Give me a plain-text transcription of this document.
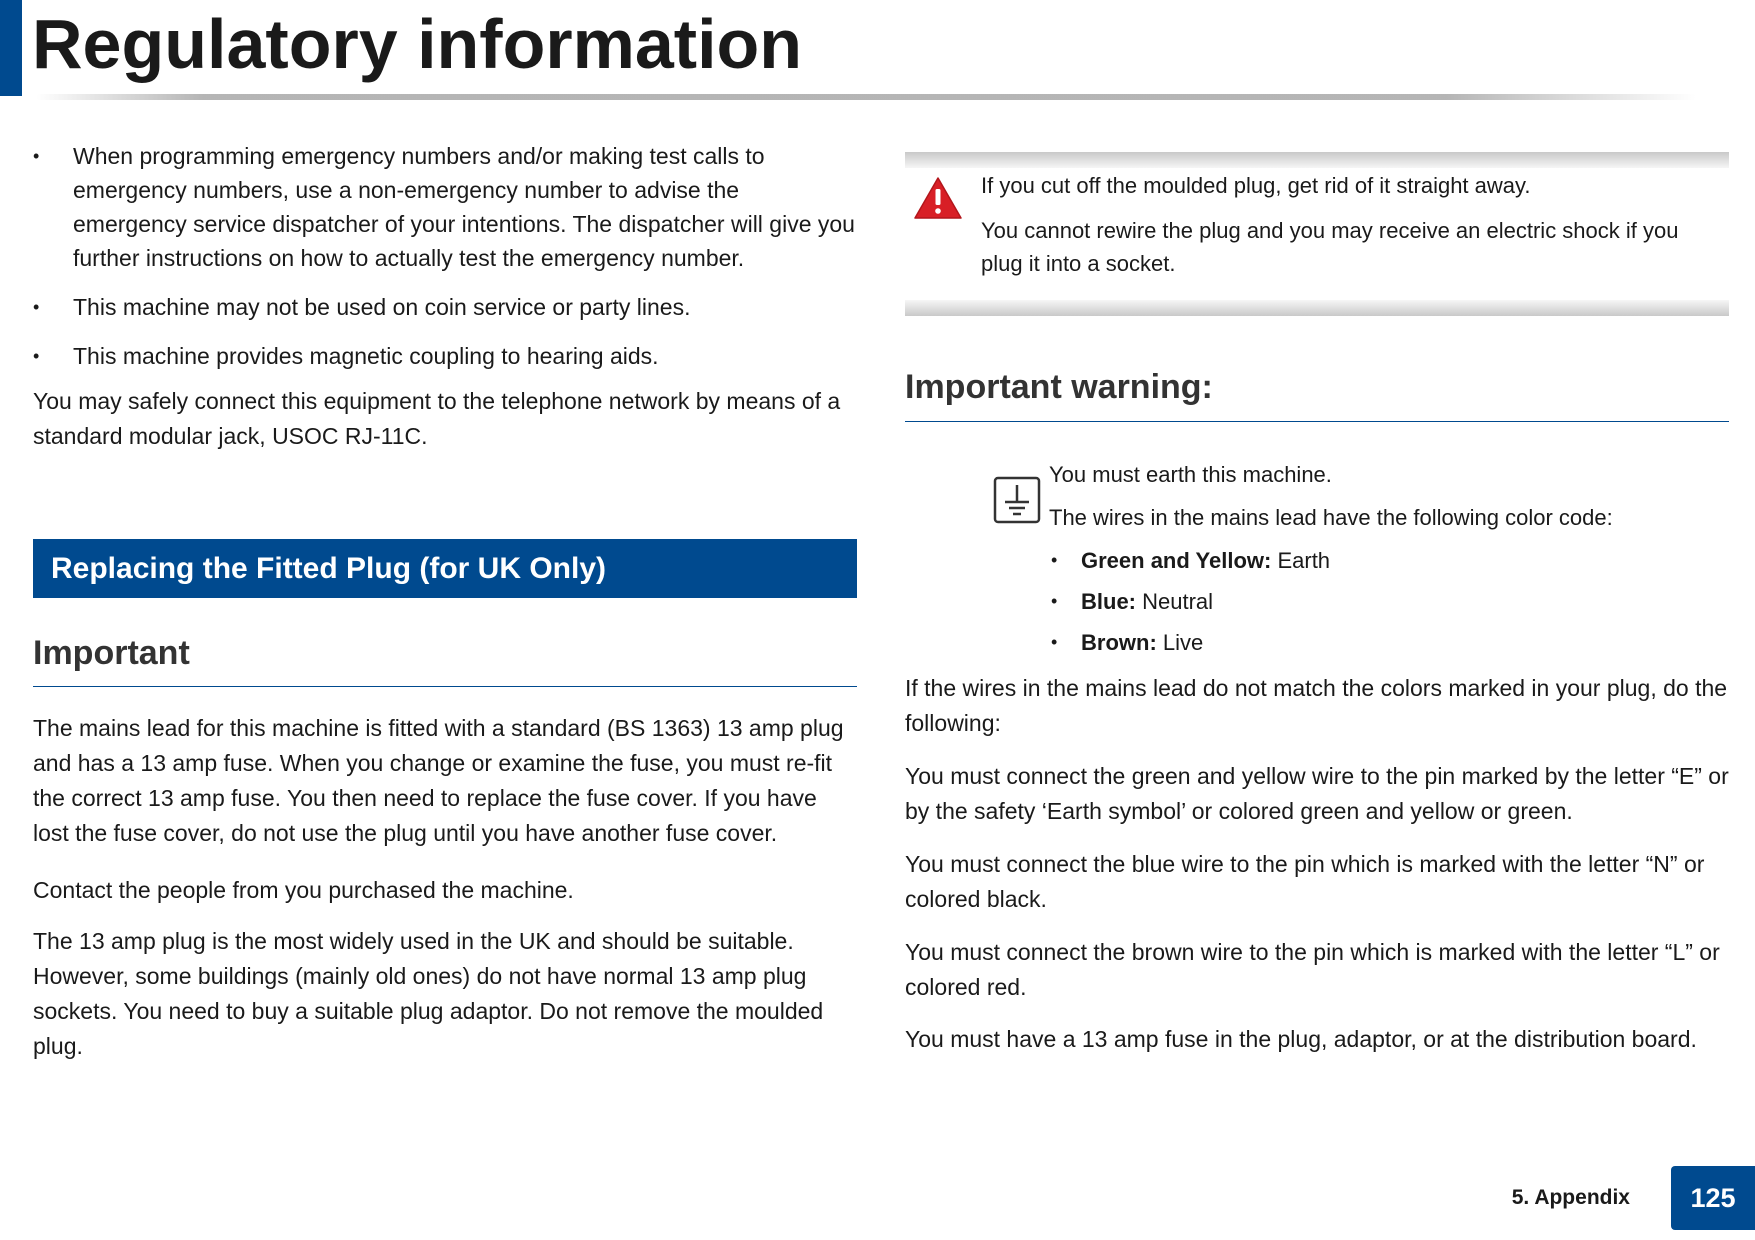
Regulatory information
• When programming emergency numbers and/or making test calls to emergency numbers, use a non-emergency number to advise the emergency service dispatcher of your intentions. The dispatcher will give you further instructions on how to actually test the emergency number.
• This machine may not be used on coin service or party lines.
• This machine provides magnetic coupling to hearing aids.

You may safely connect this equipment to the telephone network by means of a standard modular jack, USOC RJ-11C.

Replacing the Fitted Plug (for UK Only)
Important

The mains lead for this machine is fitted with a standard (BS 1363) 13 amp plug and has a 13 amp fuse. When you change or examine the fuse, you must re-fit the correct 13 amp fuse. You then need to replace the fuse cover. If you have lost the fuse cover, do not use the plug until you have another fuse cover.

Contact the people from you purchased the machine.

The 13 amp plug is the most widely used in the UK and should be suitable. However, some buildings (mainly old ones) do not have normal 13 amp plug sockets. You need to buy a suitable plug adaptor. Do not remove the moulded plug.

If you cut off the moulded plug, get rid of it straight away.

You cannot rewire the plug and you may receive an electric shock if you plug it into a socket.

Important warning:

You must earth this machine.

The wires in the mains lead have the following color code:

• Green and Yellow: Earth
• Blue: Neutral
• Brown: Live

If the wires in the mains lead do not match the colors marked in your plug, do the following:

You must connect the green and yellow wire to the pin marked by the letter “E” or by the safety ‘Earth symbol’ or colored green and yellow or green.

You must connect the blue wire to the pin which is marked with the letter “N” or colored black.

You must connect the brown wire to the pin which is marked with the letter “L” or colored red.

You must have a 13 amp fuse in the plug, adaptor, or at the distribution board.

5. Appendix	125
